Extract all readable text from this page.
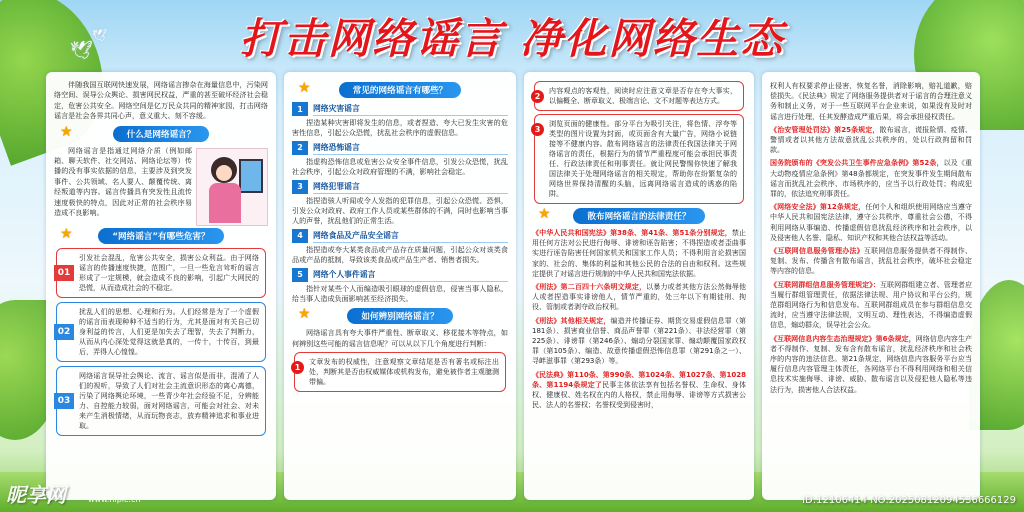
🕊
🕊	打击网络谣言 净化网络生态
伴随我国互联网快速发展，网络谣言掺杂在海量信息中，污染网络空间、误导公众舆论、损害网民权益，严重的甚至破坏经济社会稳定，危害公共安全。网络空间是亿万民众共同的精神家园，打击网络谣言是社会各界共同心声，意义重大、刻不容缓。
★	什么是网络谣言？
网络谣言是指通过网络介质（例如邮箱、聊天软件、社交网站、网络论坛等）传播的没有事实依据的信息，主要涉及到突发事件、公共领域、名人要人、颠覆传统、离经叛道等内容。谣言传播具有突发性且流传速度极快的特点，因此对正常的社会秩序易造成不良影响。
★	“网络谣言”有哪些危害？
01
引发社会混乱，危害公共安全，损害公众利益。由于网络谣言的传播速度快捷，范围广，一旦一些危言耸听的谣言形成了一定规模，就会造成不良的影响，引起广大网民的恐慌，从而造成社会的不稳定。
02
扰乱人们的思想、心理和行为。人们经常是为了一个虚假的谣言而表现种种不适当的行为，尤其是面对有关自己切身利益的传言，人们更是加失去了理智，失去了判断力，从而从内心深处觉得这就是真的，一传十，十传百，到最后，弄得人心惶惶。
03
网络谣言误导社会舆论、流言、谣言似是而非，混淆了人们的视听，导致了人们对社会主流意识形态的离心离德，污染了网络舆论环境，一些青少年社会经验不足，分辨能力、自控能力较弱，面对网络谣言，可能会对社会、对未来产生消极情绪，从而玩物丧志，放弃精神追求和事业进取。
★	常见的网络谣言有哪些？
1	网络灾害谣言
捏造某种灾害即将发生的信息，或者捏造、夸大已发生灾害的危害性信息，引起公众恐慌，扰乱社会秩序的虚假信息。
2	网络恐怖谣言
指虚构恐怖信息或危害公众安全事件信息，引发公众恐慌，扰乱社会秩序，引起公众对政府管理的不满，影响社会稳定。
3	网络犯罪谣言
指捏造骇人听闻或令人发指的犯罪信息，引起公众恐慌、恐惧，引发公众对政府、政府工作人员或某些群体的不满，同时也影响当事人的声誉，扰乱他们的正常生活。
4	网络食品及产品安全谣言
指捏造或夸大某类食品或产品存在质量问题，引起公众对该类食品或产品的抵制，导致该类食品或产品生产者、销售者损失。
5	网络个人事件谣言
指针对某些个人而编造吸引眼球的虚假信息，侵害当事人隐私，给当事人造成负面影响甚至经济损失。
★	如何辨别网络谣言？
网络谣言具有夸大事件严重性、断章取义、移花接木等特点，如何辨别这些可能的谣言信息呢？可以从以下几个角度进行判断：
1
文章发布的权威性，注意观察文章结尾是否有著名或标注出处，判断其是否由权威媒体或机构发布，避免被作者主观臆测带偏。
2
内容观点的客观性，阅读时应注意文章是否存在夸大事实，以偏概全、断章取义、极端言论、文不对题等表达方式。
3
浏览页面的健康性。部分平台为吸引关注，将色情、浮夸等类型的图片设置为封面，或页面含有大量广告，网络小说链接等不健康内容。散布网络谣言的法律责任我国法律关于网络谣言的责任，根据行为的情节严重程度可能会承担民事责任、行政法律责任和刑事责任。就让网民警惕你快速了解我国法律关于处理网络谣言的相关规定，帮助你在纷繁复杂的网络世界保持清醒的头脑，远离网络谣言造成的诱惑的陷阱。
★	散布网络谣言的法律责任？

《中华人民共和国宪法》第38条、第41条、第51条分别规定，禁止用任何方法对公民进行侮辱、诽谤和诬告陷害；不得捏造或者歪曲事实进行诬告陷害任何国家机关和国家工作人员；不得利用言论损害国家的、社会的、集体的利益和其他公民的合法的自由和权利。这些规定提供了对谣言进行规制的中华人民共和国宪法依据。

《刑法》第二百四十六条明文规定，以暴力或者其他方法公然侮辱他人或者捏造事实诽谤他人，情节严重的，处三年以下有期徒刑、拘役、管制或者剥夺政治权利。

《刑法》其他相关规定，编造并传播证券、期货交易虚假信息罪（第181条）、损害商业信誉、商品声誉罪（第221条）、非法经营罪（第225条）、诽谤罪（第246条）、煽动分裂国家罪、煽动颠覆国家政权罪（第105条）、编造、故意传播虚假恐怖信息罪（第291条之一）、寻衅滋事罪（第293条）等。

《民法典》第110条、第990条、第1024条、第1027条、第1028条、第1194条规定了民事主体依法享有包括名誉权、生命权、身体权、健康权、姓名权在内的人格权，禁止用侮辱、诽谤等方式损害公民、法人的名誉权；名誉权受到侵害时，

权利人有权要求停止侵害，恢复名誉，消除影响，赔礼道歉，赔偿损失。《民法典》规定了网络服务提供者对于谣言的合理注意义务和制止义务，对于一些互联网平台企业来说，如果没有及时对谣言进行处理，任其发酵造成严重后果，将会承担侵权责任。

《治安管理处罚法》第25条规定，散布谣言，谎报险情、疫情、警情或者以其他方法故意扰乱公共秩序的，处以行政拘留和罚款。

国务院颁布的《突发公共卫生事件应急条例》第52条，以及《重大动物疫情应急条例》第48条都规定，在突发事件发生期间散布谣言而扰乱社会秩序、市场秩序的，应当予以行政处罚；构成犯罪的，依法追究刑事责任。

《网络安全法》第12条规定，任何个人和组织使用网络应当遵守中华人民共和国宪法法律，遵守公共秩序，尊重社会公德，不得利用网络从事编造、传播虚假信息扰乱经济秩序和社会秩序，以及侵害他人名誉、隐私、知识产权和其他合法权益等活动。

《互联网信息服务管理办法》互联网信息服务提供者不得制作、复制、发布、传播含有散布谣言，扰乱社会秩序，破坏社会稳定等内容的信息。

《互联网群组信息服务管理规定》：互联网群组建立者、管理者应当履行群组管理责任，依据法律法规、用户协议和平台公约，规范群组网络行为和信息发布。互联网群组成员在参与群组信息交流时，应当遵守法律法规，文明互动、理性表达，不得编造虚假信息，煽动群众，误导社会公众。

《互联网信息内容生态治理规定》第6条规定，网络信息内容生产者不得制作、复制、发布含有散布谣言，扰乱经济秩序和社会秩序的内容的违法信息。第21条规定，网络信息内容服务平台应当履行信息内容管理主体责任，各网络平台不得利用网络和相关信息技术实施侮辱、诽谤、威胁、散布谣言以及侵犯他人隐私等违法行为，损害他人合法权益。

昵享网	www.nipic.cn	ID:12106414 NO:20250812094536666129
